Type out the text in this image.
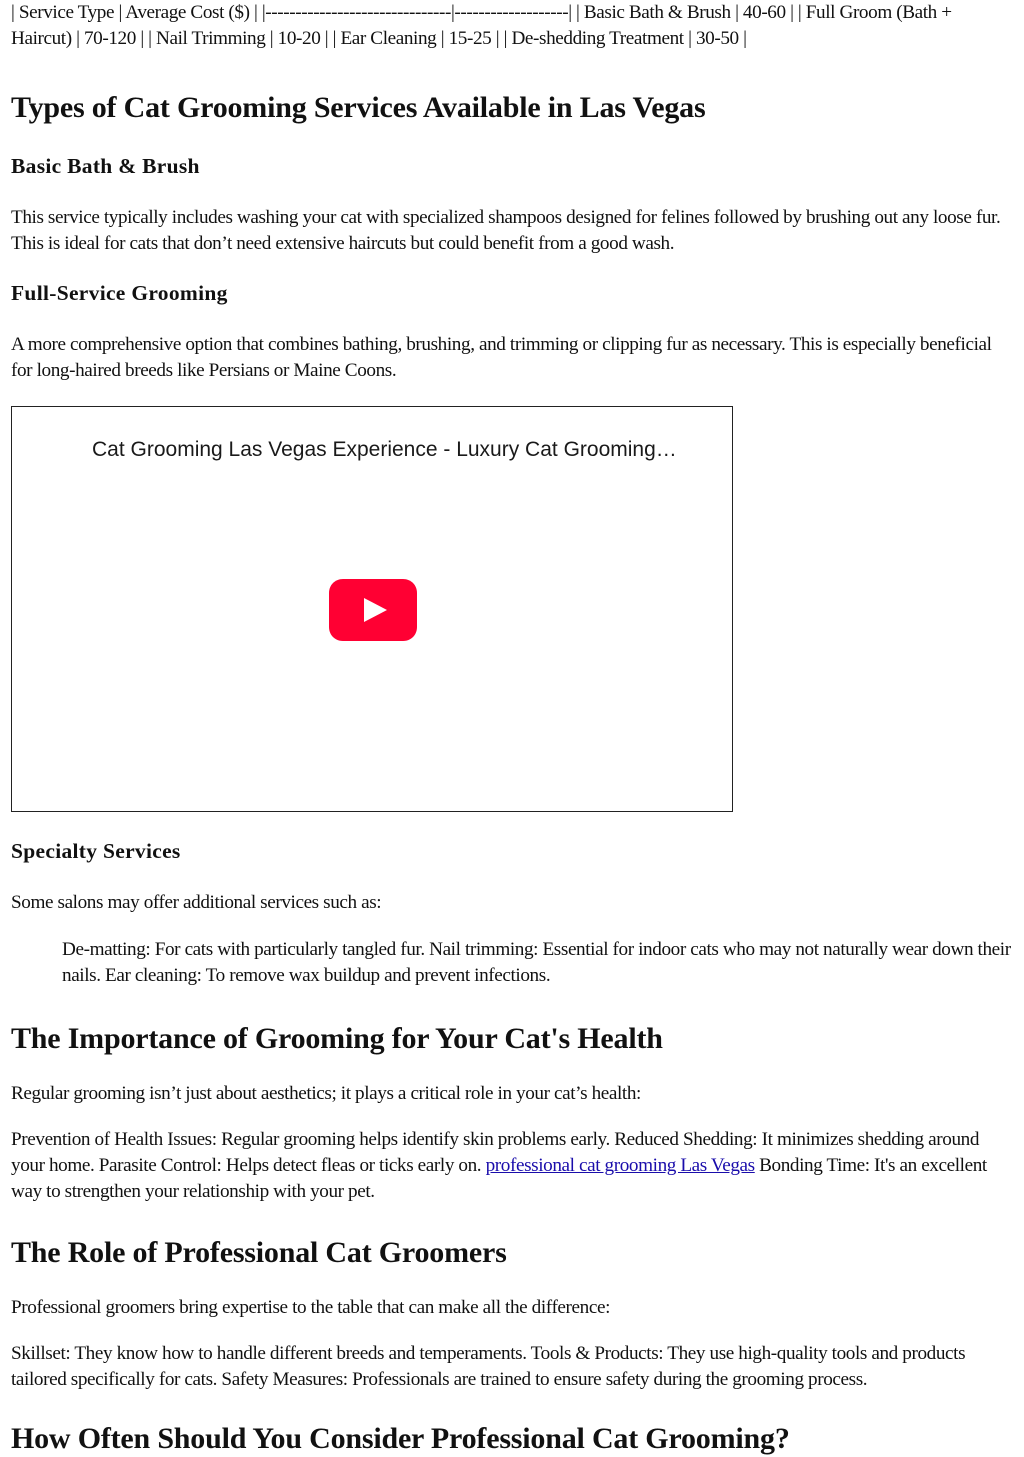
| Service Type | Average Cost ($) | |-------------------------------|-------------------| | Basic Bath & Brush | 40-60 | | Full Groom (Bath + Haircut) | 70-120 | | Nail Trimming | 10-20 | | Ear Cleaning | 15-25 | | De-shedding Treatment | 30-50 |

Types of Cat Grooming Services Available in Las Vegas
Basic Bath & Brush

This service typically includes washing your cat with specialized shampoos designed for felines followed by brushing out any loose fur. This is ideal for cats that don’t need extensive haircuts but could benefit from a good wash.

Full-Service Grooming

A more comprehensive option that combines bathing, brushing, and trimming or clipping fur as necessary. This is especially beneficial for long-haired breeds like Persians or Maine Coons.

Cat Grooming Las Vegas Experience - Luxury Cat Grooming…
Specialty Services

Some salons may offer additional services such as:

De-matting: For cats with particularly tangled fur. Nail trimming: Essential for indoor cats who may not naturally wear down their nails. Ear cleaning: To remove wax buildup and prevent infections.

The Importance of Grooming for Your Cat's Health

Regular grooming isn’t just about aesthetics; it plays a critical role in your cat’s health:

Prevention of Health Issues: Regular grooming helps identify skin problems early. Reduced Shedding: It minimizes shedding around your home. Parasite Control: Helps detect fleas or ticks early on. professional cat grooming Las Vegas Bonding Time: It's an excellent way to strengthen your relationship with your pet.

The Role of Professional Cat Groomers

Professional groomers bring expertise to the table that can make all the difference:

Skillset: They know how to handle different breeds and temperaments. Tools & Products: They use high-quality tools and products tailored specifically for cats. Safety Measures: Professionals are trained to ensure safety during the grooming process.

How Often Should You Consider Professional Cat Grooming?
